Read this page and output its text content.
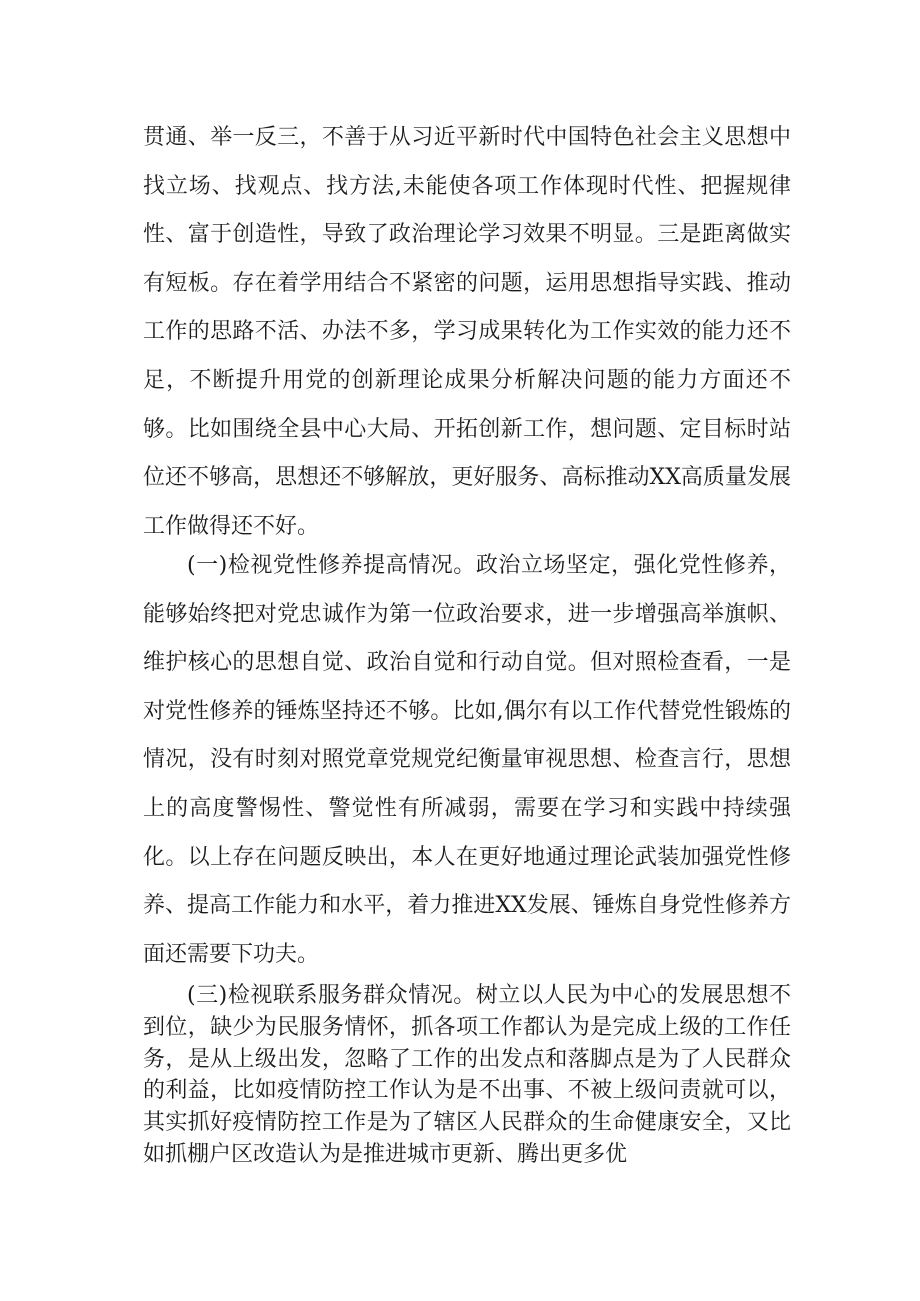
贯通、举一反三，不善于从习近平新时代中国特色社会主义思想中找立场、找观点、找方法,未能使各项工作体现时代性、把握规律性、富于创造性，导致了政治理论学习效果不明显。三是距离做实有短板。存在着学用结合不紧密的问题，运用思想指导实践、推动工作的思路不活、办法不多，学习成果转化为工作实效的能力还不足，不断提升用党的创新理论成果分析解决问题的能力方面还不够。比如围绕全县中心大局、开拓创新工作，想问题、定目标时站位还不够高，思想还不够解放，更好服务、高标推动XX高质量发展工作做得还不好。

(一)检视党性修养提高情况。政治立场坚定，强化党性修养，能够始终把对党忠诚作为第一位政治要求，进一步增强高举旗帜、维护核心的思想自觉、政治自觉和行动自觉。但对照检查看，一是对党性修养的锤炼坚持还不够。比如,偶尔有以工作代替党性锻炼的情况，没有时刻对照党章党规党纪衡量审视思想、检查言行，思想上的高度警惕性、警觉性有所减弱，需要在学习和实践中持续强化。以上存在问题反映出，本人在更好地通过理论武装加强党性修养、提高工作能力和水平，着力推进XX发展、锤炼自身党性修养方面还需要下功夫。

(三)检视联系服务群众情况。树立以人民为中心的发展思想不到位，缺少为民服务情怀，抓各项工作都认为是完成上级的工作任务，是从上级出发，忽略了工作的出发点和落脚点是为了人民群众的利益，比如疫情防控工作认为是不出事、不被上级问责就可以，其实抓好疫情防控工作是为了辖区人民群众的生命健康安全，又比如抓棚户区改造认为是推进城市更新、腾出更多优
